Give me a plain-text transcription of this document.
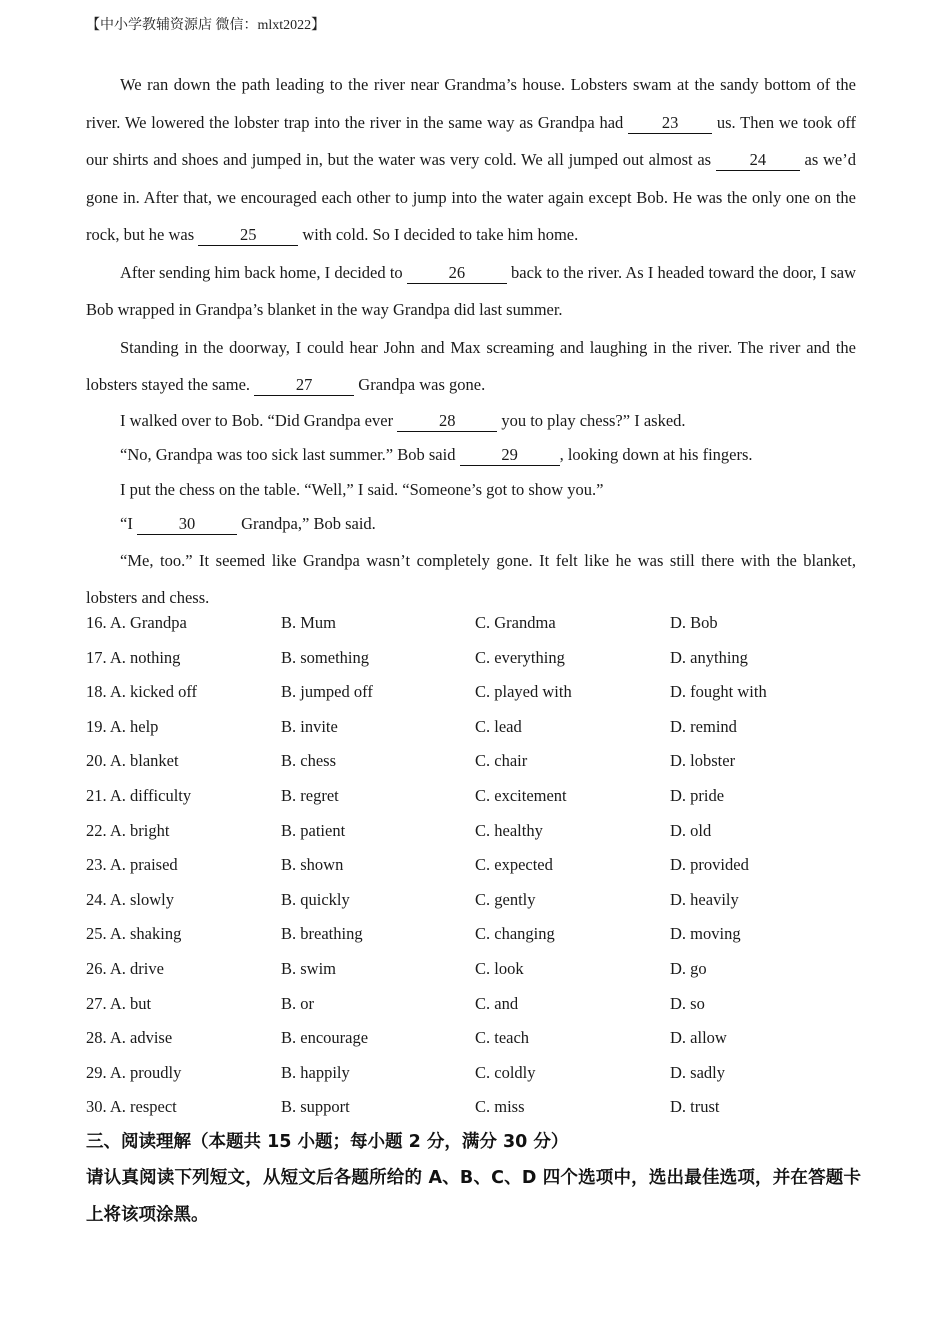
【中小学教辅资源店 微信：mlxt2022】

We ran down the path leading to the river near Grandma’s house. Lobsters swam at the sandy bottom of the river. We lowered the lobster trap into the river in the same way as Grandpa had 23 us. Then we took off our shirts and shoes and jumped in, but the water was very cold. We all jumped out almost as 24 as we’d gone in. After that, we encouraged each other to jump into the water again except Bob. He was the only one on the rock, but he was	25	with cold. So I decided to take him home.

After sending him back home, I decided to	26	back to the river. As I headed toward the door, I saw Bob wrapped in Grandpa’s blanket in the way Grandpa did last summer.

Standing in the doorway, I could hear John and Max screaming and laughing in the river. The river and the lobsters stayed the same.	27	Grandpa was gone.

I walked over to Bob. “Did Grandpa ever	28	you to play chess?” I asked.

“No, Grandpa was too sick last summer.” Bob said	29	, looking down at his fingers.

I put the chess on the table. “Well,” I said. “Someone’s got to show you.”

“I	30	Grandpa,” Bob said.

“Me, too.” It seemed like Grandpa wasn’t completely gone. It felt like he was still there with the blanket, lobsters and chess.

16. A. Grandpa	B. Mum	C. Grandma	D. Bob
17. A. nothing	B. something	C. everything	D. anything
18. A. kicked off	B. jumped off	C. played with	D. fought with
19. A. help	B. invite	C. lead	D. remind
20. A. blanket	B. chess	C. chair	D. lobster
21. A. difficulty	B. regret	C. excitement	D. pride
22. A. bright	B. patient	C. healthy	D. old
23. A. praised	B. shown	C. expected	D. provided
24. A. slowly	B. quickly	C. gently	D. heavily
25. A. shaking	B. breathing	C. changing	D. moving
26. A. drive	B. swim	C. look	D. go
27. A. but	B. or	C. and	D. so
28. A. advise	B. encourage	C. teach	D. allow
29. A. proudly	B. happily	C. coldly	D. sadly
30. A. respect	B. support	C. miss	D. trust
三、阅读理解（本题共 15 小题；每小题 2 分，满分 30 分）
请认真阅读下列短文，从短文后各题所给的 A、B、C、D 四个选项中，选出最佳选项，并在答题卡上将该项涂黑。
